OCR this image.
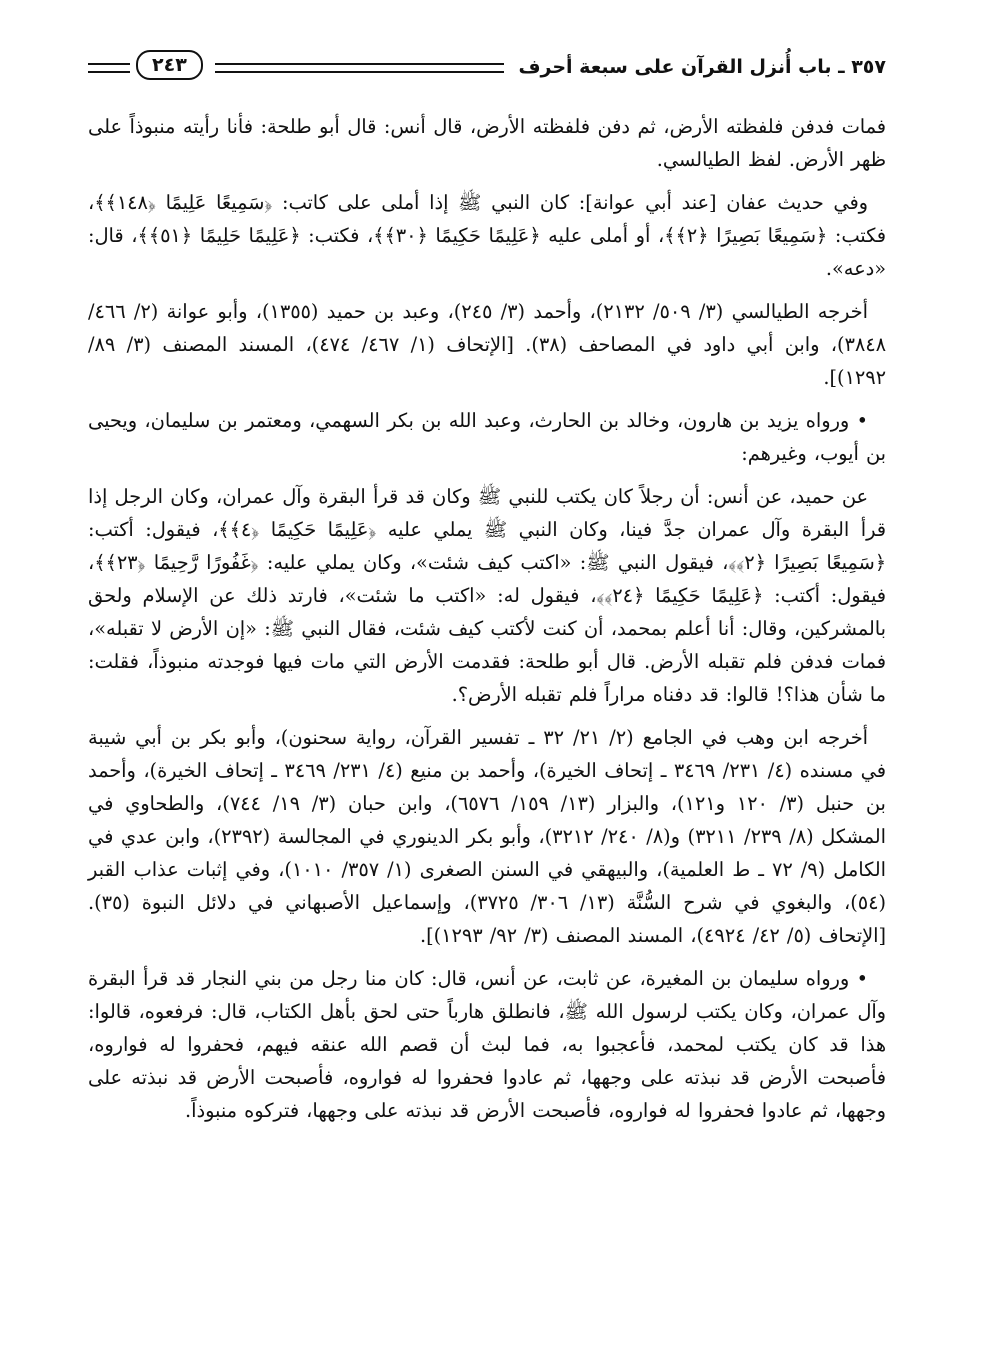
٣٥٧ ـ باب أُنزل القرآن على سبعة أحرف
٢٤٣

فمات فدفن فلفظته الأرض، ثم دفن فلفظته الأرض، قال أنس: قال أبو طلحة: فأنا رأيته منبوذاً على ظهر الأرض. لفظ الطيالسي.

وفي حديث عفان [عند أبي عوانة]: كان النبي ﷺ إذا أملى على كاتب: ﴿سَمِيعًا عَلِيمًا ﴿١٤٨﴾﴾، فكتب: ﴿سَمِيعًا بَصِيرًا ﴿٢﴾﴾، أو أملى عليه ﴿عَلِيمًا حَكِيمًا ﴿٣٠﴾﴾، فكتب: ﴿عَلِيمًا حَلِيمًا ﴿٥١﴾﴾، قال: «دعه».

أخرجه الطيالسي (٣/ ٥٠٩/ ٢١٣٢)، وأحمد (٣/ ٢٤٥)، وعبد بن حميد (١٣٥٥)، وأبو عوانة (٢/ ٤٦٦/ ٣٨٤٨)، وابن أبي داود في المصاحف (٣٨). [الإتحاف (١/ ٤٦٧/ ٤٧٤)، المسند المصنف (٣/ ٨٩/ ١٢٩٢)].

• ورواه يزيد بن هارون، وخالد بن الحارث، وعبد الله بن بكر السهمي، ومعتمر بن سليمان، ويحيى بن أيوب، وغيرهم:

عن حميد، عن أنس: أن رجلاً كان يكتب للنبي ﷺ وكان قد قرأ البقرة وآل عمران، وكان الرجل إذا قرأ البقرة وآل عمران جدَّ فينا، وكان النبي ﷺ يملي عليه ﴿عَلِيمًا حَكِيمًا ﴿٤﴾﴾، فيقول: أكتب: ﴿سَمِيعًا بَصِيرًا ﴿٢﴾﴾، فيقول النبي ﷺ: «اكتب كيف شئت»، وكان يملي عليه: ﴿غَفُورًا رَّحِيمًا ﴿٢٣﴾﴾، فيقول: أكتب: ﴿عَلِيمًا حَكِيمًا ﴿٢٤﴾﴾، فيقول له: «اكتب ما شئت»، فارتد ذلك عن الإسلام ولحق بالمشركين، وقال: أنا أعلم بمحمد، أن كنت لأكتب كيف شئت، فقال النبي ﷺ: «إن الأرض لا تقبله»، فمات فدفن فلم تقبله الأرض. قال أبو طلحة: فقدمت الأرض التي مات فيها فوجدته منبوذاً، فقلت: ما شأن هذا؟! قالوا: قد دفناه مراراً فلم تقبله الأرض؟.

أخرجه ابن وهب في الجامع (٢/ ٢١/ ٣٢ ـ تفسير القرآن، رواية سحنون)، وأبو بكر بن أبي شيبة في مسنده (٤/ ٢٣١/ ٣٤٦٩ ـ إتحاف الخيرة)، وأحمد بن منيع (٤/ ٢٣١/ ٣٤٦٩ ـ إتحاف الخيرة)، وأحمد بن حنبل (٣/ ١٢٠ و١٢١)، والبزار (١٣/ ١٥٩/ ٦٥٧٦)، وابن حبان (٣/ ١٩/ ٧٤٤)، والطحاوي في المشكل (٨/ ٢٣٩/ ٣٢١١) و(٨/ ٢٤٠/ ٣٢١٢)، وأبو بكر الدينوري في المجالسة (٢٣٩٢)، وابن عدي في الكامل (٩/ ٧٢ ـ ط العلمية)، والبيهقي في السنن الصغرى (١/ ٣٥٧/ ١٠١٠)، وفي إثبات عذاب القبر (٥٤)، والبغوي في شرح السُّنَّة (١٣/ ٣٠٦/ ٣٧٢٥)، وإسماعيل الأصبهاني في دلائل النبوة (٣٥). [الإتحاف (٥/ ٤٢/ ٤٩٢٤)، المسند المصنف (٣/ ٩٢/ ١٢٩٣)].

• ورواه سليمان بن المغيرة، عن ثابت، عن أنس، قال: كان منا رجل من بني النجار قد قرأ البقرة وآل عمران، وكان يكتب لرسول الله ﷺ، فانطلق هارباً حتى لحق بأهل الكتاب، قال: فرفعوه، قالوا: هذا قد كان يكتب لمحمد، فأعجبوا به، فما لبث أن قصم الله عنقه فيهم، فحفروا له فواروه، فأصبحت الأرض قد نبذته على وجهها، ثم عادوا فحفروا له فواروه، فأصبحت الأرض قد نبذته على وجهها، ثم عادوا فحفروا له فواروه، فأصبحت الأرض قد نبذته على وجهها، فتركوه منبوذاً.
